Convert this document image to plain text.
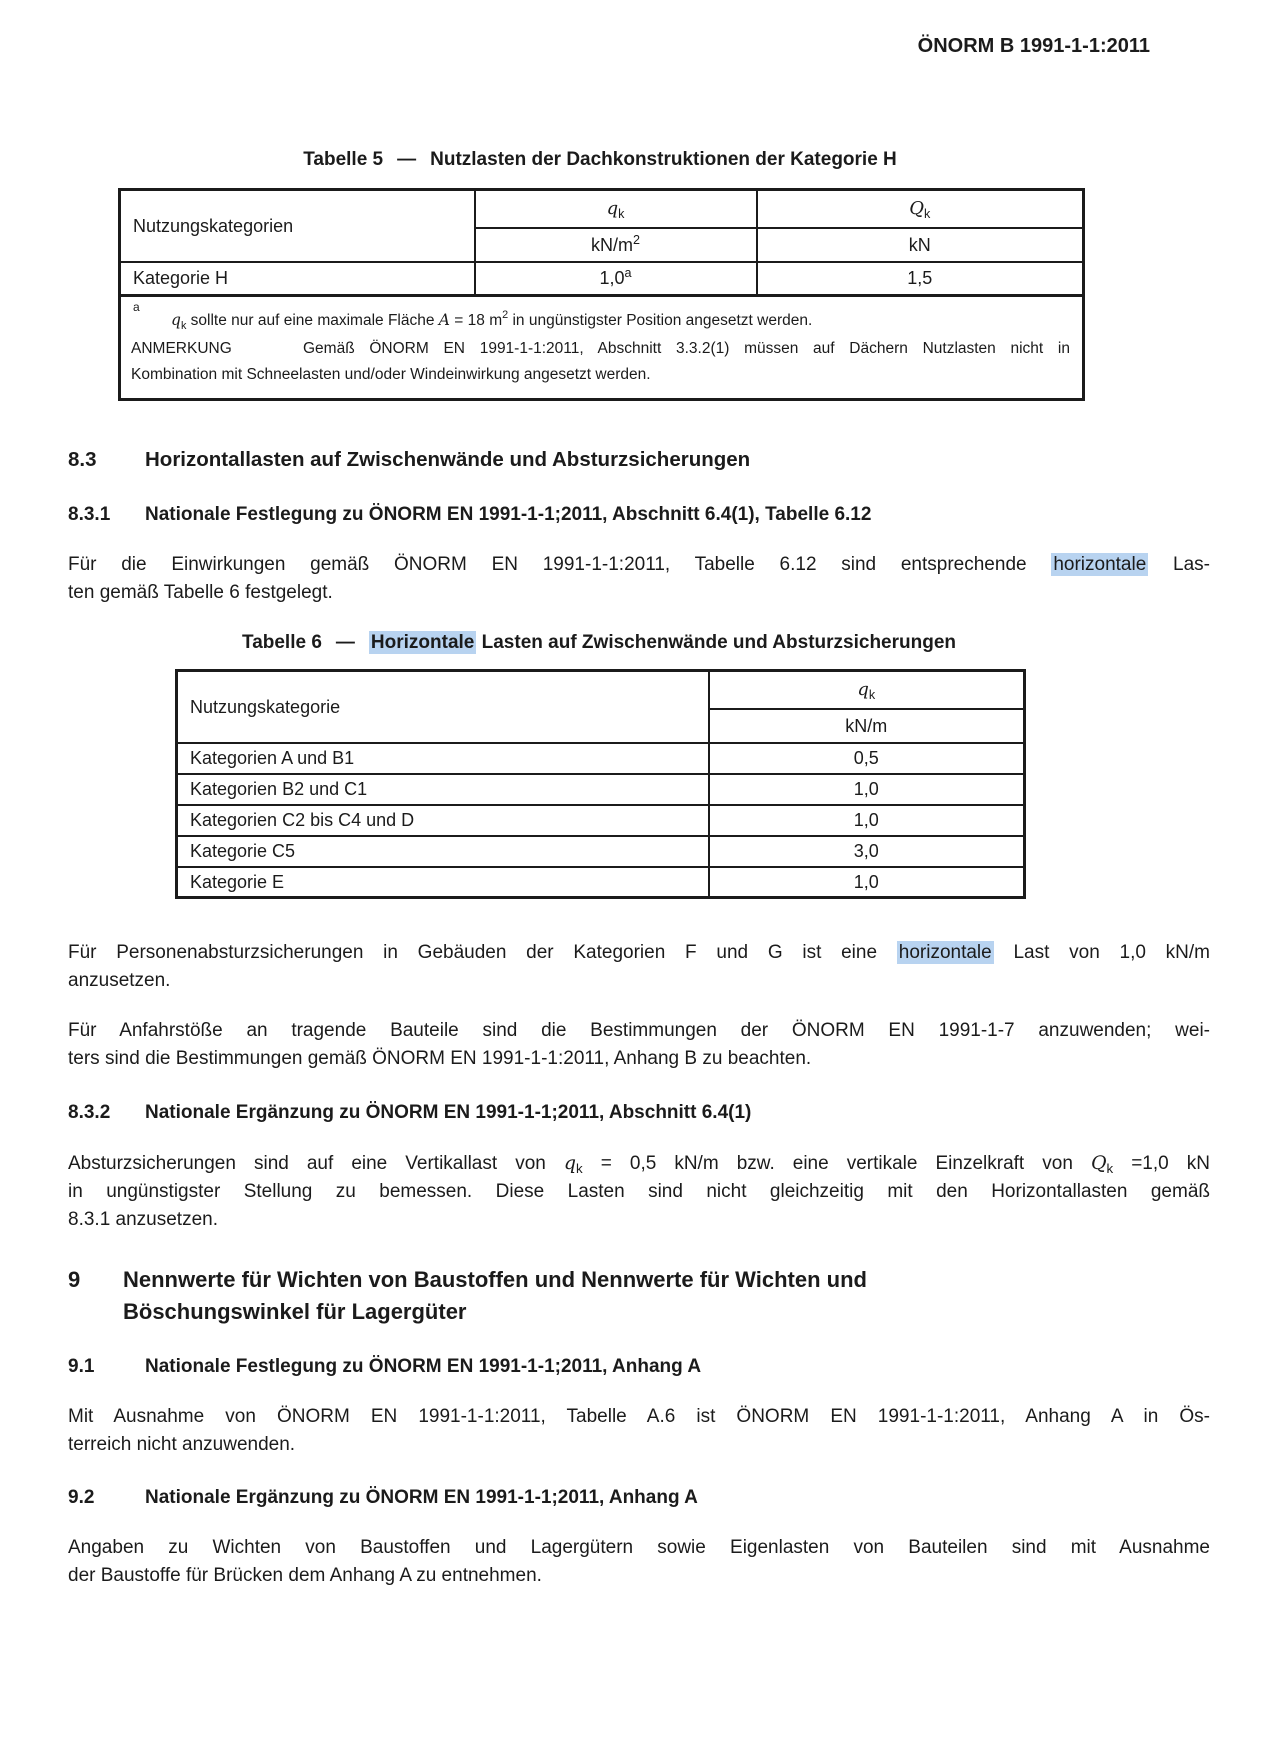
ÖNORM B 1991-1-1:2011
Tabelle 5 — Nutzlasten der Dachkonstruktionen der Kategorie H
Nutzungskategorien	$q_k$	$Q_k$
	$kN/m^2$	kN
Kategorie H	1,0$^a$	1,5

a
$q_k$ sollte nur auf eine maximale Fläche A = 18 $m^2$ in ungünstigster Position angesetzt werden.
ANMERKUNG Gemäß ÖNORM EN 1991-1-1:2011, Abschnitt 3.3.2(1) müssen auf Dächern Nutzlasten nicht in
Kombination mit Schneelasten und/oder Windeinwirkung angesetzt werden.		
8.3	Horizontallasten auf Zwischenwände und Absturzsicherungen
8.3.1	Nationale Festlegung zu ÖNORM EN 1991-1-1;2011, Abschnitt 6.4(1), Tabelle 6.12

Für die Einwirkungen gemäß ÖNORM EN 1991-1-1:2011, Tabelle 6.12 sind entsprechende horizontale Las-
ten gemäß Tabelle 6 festgelegt.

Tabelle 6 — Horizontale Lasten auf Zwischenwände und Absturzsicherungen
Nutzungskategorie	$q_k$
	kN/m
Kategorien A und B1	0,5
Kategorien B2 und C1	1,0
Kategorien C2 bis C4 und D	1,0
Kategorie C5	3,0
Kategorie E	1,0

Für Personenabsturzsicherungen in Gebäuden der Kategorien F und G ist eine horizontale Last von 1,0 kN/m
anzusetzen.

Für Anfahrstöße an tragende Bauteile sind die Bestimmungen der ÖNORM EN 1991-1-7 anzuwenden; wei-
ters sind die Bestimmungen gemäß ÖNORM EN 1991-1-1:2011, Anhang B zu beachten.

8.3.2	Nationale Ergänzung zu ÖNORM EN 1991-1-1;2011, Abschnitt 6.4(1)

Absturzsicherungen sind auf eine Vertikallast von $q_k = 0,5$ kN/m bzw. eine vertikale Einzelkraft von $Q_k =1,0$ kN
in ungünstigster Stellung zu bemessen. Diese Lasten sind nicht gleichzeitig mit den Horizontallasten gemäß
8.3.1 anzusetzen.

9	Nennwerte für Wichten von Baustoffen und Nennwerte für Wichten und
Böschungswinkel für Lagergüter
9.1	Nationale Festlegung zu ÖNORM EN 1991-1-1;2011, Anhang A

Mit Ausnahme von ÖNORM EN 1991-1-1:2011, Tabelle A.6 ist ÖNORM EN 1991-1-1:2011, Anhang A in Ös-
terreich nicht anzuwenden.

9.2	Nationale Ergänzung zu ÖNORM EN 1991-1-1;2011, Anhang A

Angaben zu Wichten von Baustoffen und Lagergütern sowie Eigenlasten von Bauteilen sind mit Ausnahme
der Baustoffe für Brücken dem Anhang A zu entnehmen.
